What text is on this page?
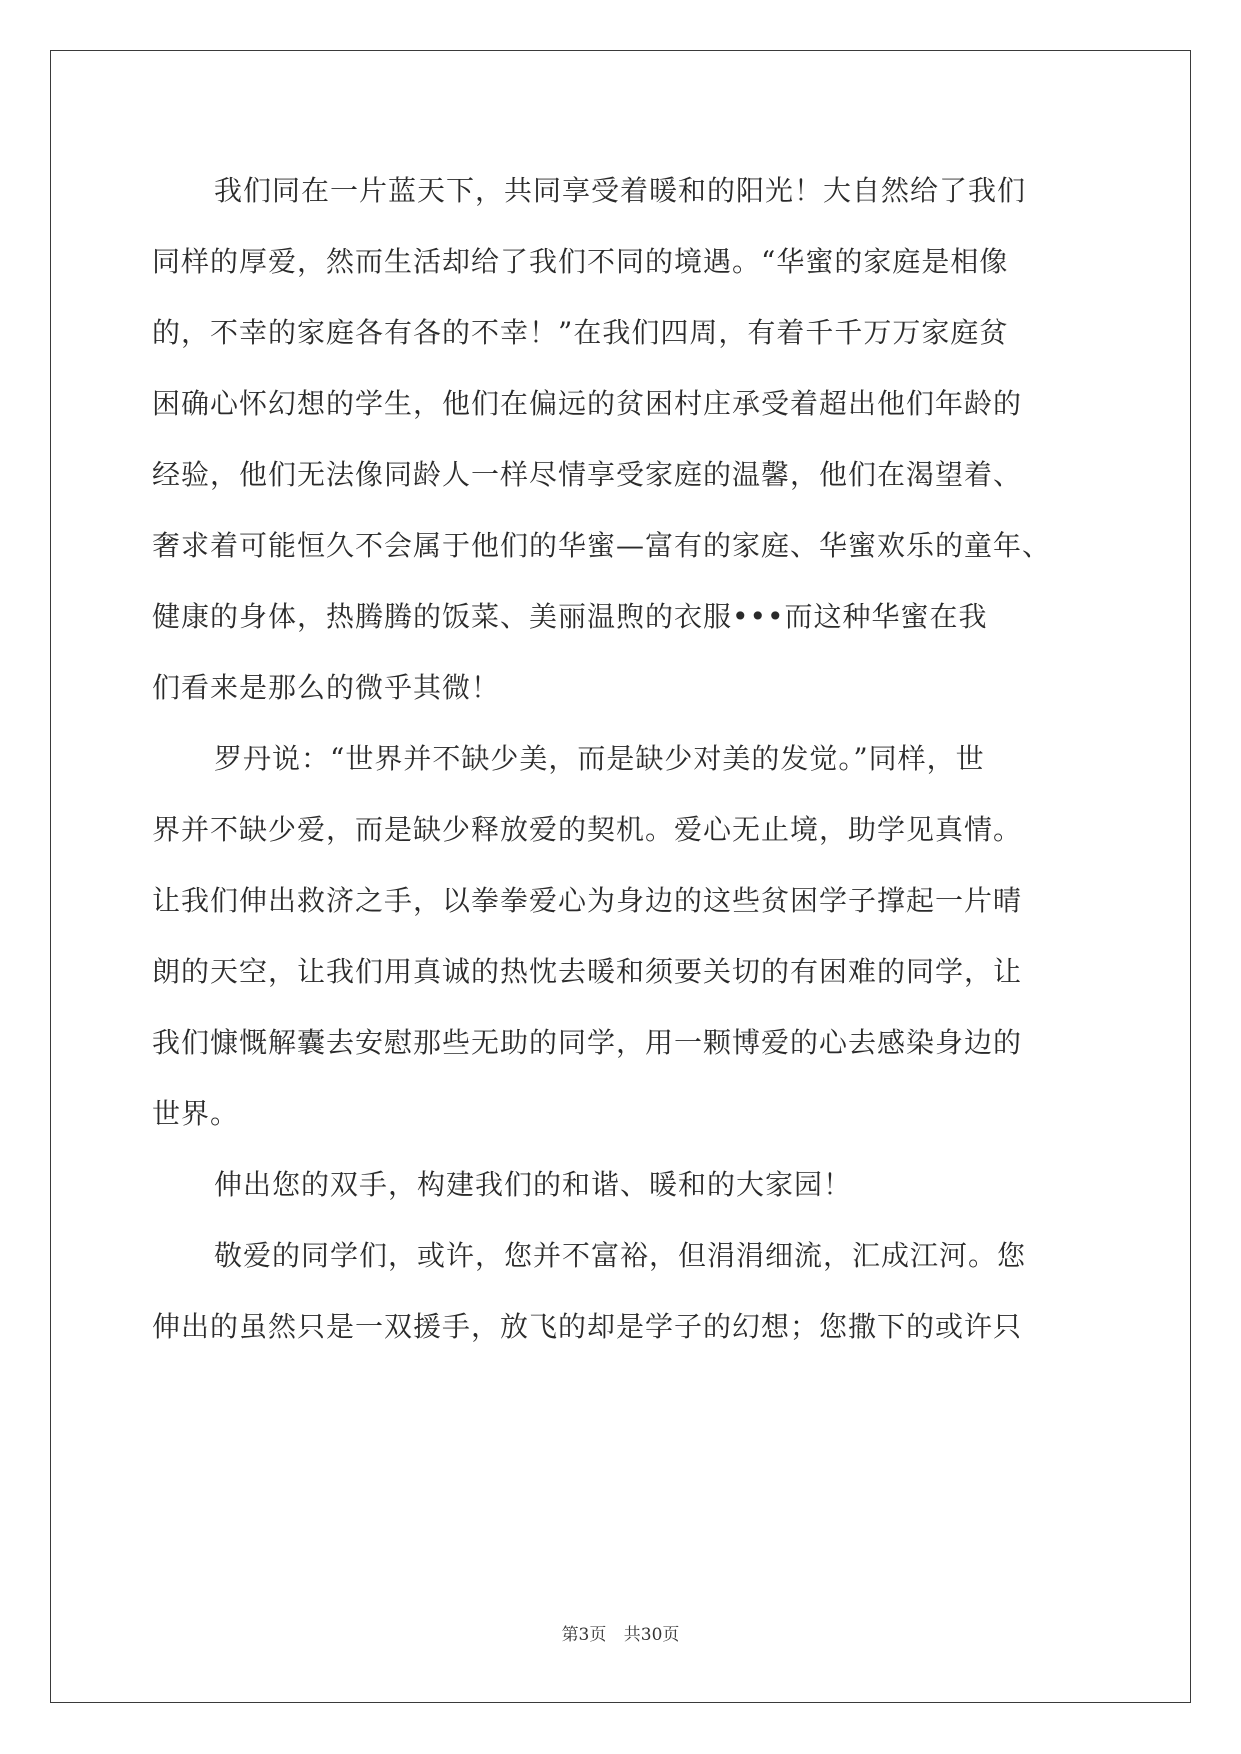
我们同在一片蓝天下，共同享受着暖和的阳光！大自然给了我们
同样的厚爱，然而生活却给了我们不同的境遇。“华蜜的家庭是相像
的，不幸的家庭各有各的不幸！”在我们四周，有着千千万万家庭贫
困确心怀幻想的学生，他们在偏远的贫困村庄承受着超出他们年龄的
经验，他们无法像同龄人一样尽情享受家庭的温馨，他们在渴望着、
奢求着可能恒久不会属于他们的华蜜—富有的家庭、华蜜欢乐的童年、
健康的身体，热腾腾的饭菜、美丽温煦的衣服•••而这种华蜜在我
们看来是那么的微乎其微！
罗丹说：“世界并不缺少美，而是缺少对美的发觉。”同样，世
界并不缺少爱，而是缺少释放爱的契机。爱心无止境，助学见真情。
让我们伸出救济之手，以拳拳爱心为身边的这些贫困学子撑起一片晴
朗的天空，让我们用真诚的热忱去暖和须要关切的有困难的同学，让
我们慷慨解囊去安慰那些无助的同学，用一颗博爱的心去感染身边的
世界。
伸出您的双手，构建我们的和谐、暖和的大家园！
敬爱的同学们，或许，您并不富裕，但涓涓细流，汇成江河。您
伸出的虽然只是一双援手，放飞的却是学子的幻想；您撒下的或许只
第3页 共30页
